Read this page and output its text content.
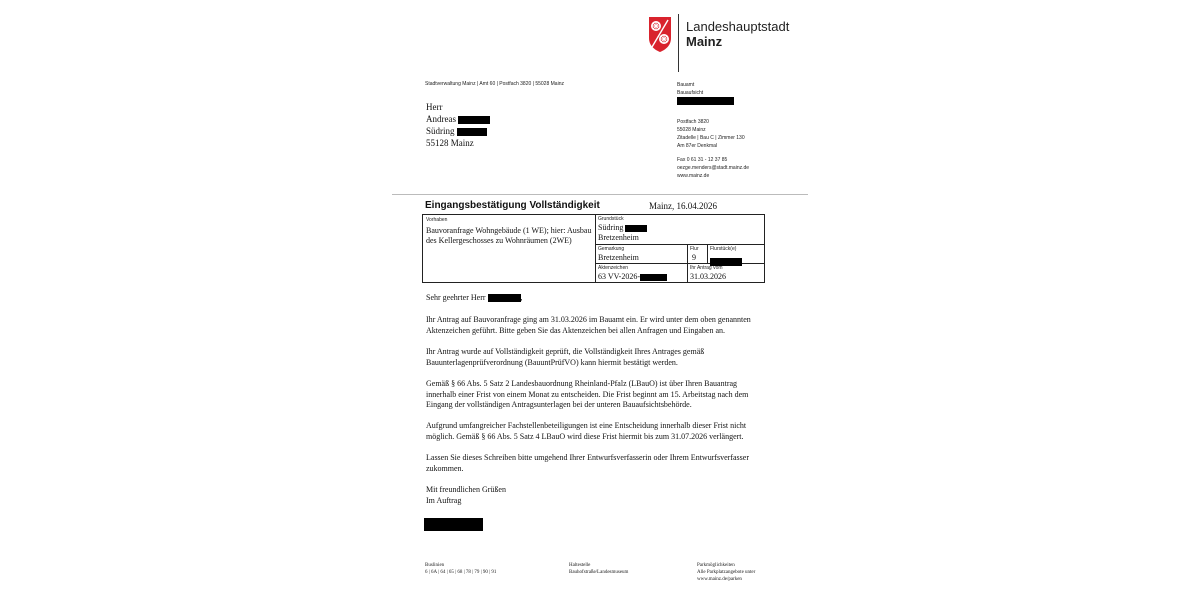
Landeshauptstadt
Mainz
Stadtverwaltung Mainz | Amt 60 | Postfach 3820 | 55028 Mainz
Herr
Andreas
Südring
55128 Mainz
Bauamt
Bauaufsicht
Postfach 3820
55028 Mainz
Zitadelle | Bau C | Zimmer 130
Am 87er Denkmal
Fax 0 61 31 - 12 37 85
oezge.menders@stadt.mainz.de
www.mainz.de
Eingangsbestätigung Vollständigkeit	Mainz, 16.04.2026
Vorhaben
Bauvoranfrage Wohngebäude (1 WE); hier: Ausbau des Kellergeschosses zu Wohnräumen (2WE)
Grundstück
Südring
Bretzenheim
Gemarkung
Bretzenheim
Flur
9
Flurstück(e)
Aktenzeichen
63 VV-2026-
Ihr Antrag vom
31.03.2026
Sehr geehrter Herr	,
Ihr Antrag auf Bauvoranfrage ging am 31.03.2026 im Bauamt ein. Er wird unter dem oben genannten Aktenzeichen geführt. Bitte geben Sie das Aktenzeichen bei allen Anfragen und Eingaben an.
Ihr Antrag wurde auf Vollständigkeit geprüft, die Vollständigkeit Ihres Antrages gemäß Bauunterlagenprüfverordnung (BauuntPrüfVO) kann hiermit bestätigt werden.
Gemäß § 66 Abs. 5 Satz 2 Landesbauordnung Rheinland-Pfalz (LBauO) ist über Ihren Bauantrag innerhalb einer Frist von einem Monat zu entscheiden. Die Frist beginnt am 15. Arbeitstag nach dem Eingang der vollständigen Antragsunterlagen bei der unteren Bauaufsichtsbehörde.
Aufgrund umfangreicher Fachstellenbeteiligungen ist eine Entscheidung innerhalb dieser Frist nicht möglich. Gemäß § 66 Abs. 5 Satz 4 LBauO wird diese Frist hiermit bis zum 31.07.2026 verlängert.
Lassen Sie dieses Schreiben bitte umgehend Ihrer Entwurfsverfasserin oder Ihrem Entwurfsverfasser zukommen.
Mit freundlichen Grüßen
Im Auftrag
Buslinien
6 | 6A | 64 | 65 | 68 | 78 | 79 | 90 | 91
Haltestelle
Bauhofstraße/Landesmuseum
Parkmöglichkeiten
Alle Parkplatzangebote unter
www.mainz.de/parken
